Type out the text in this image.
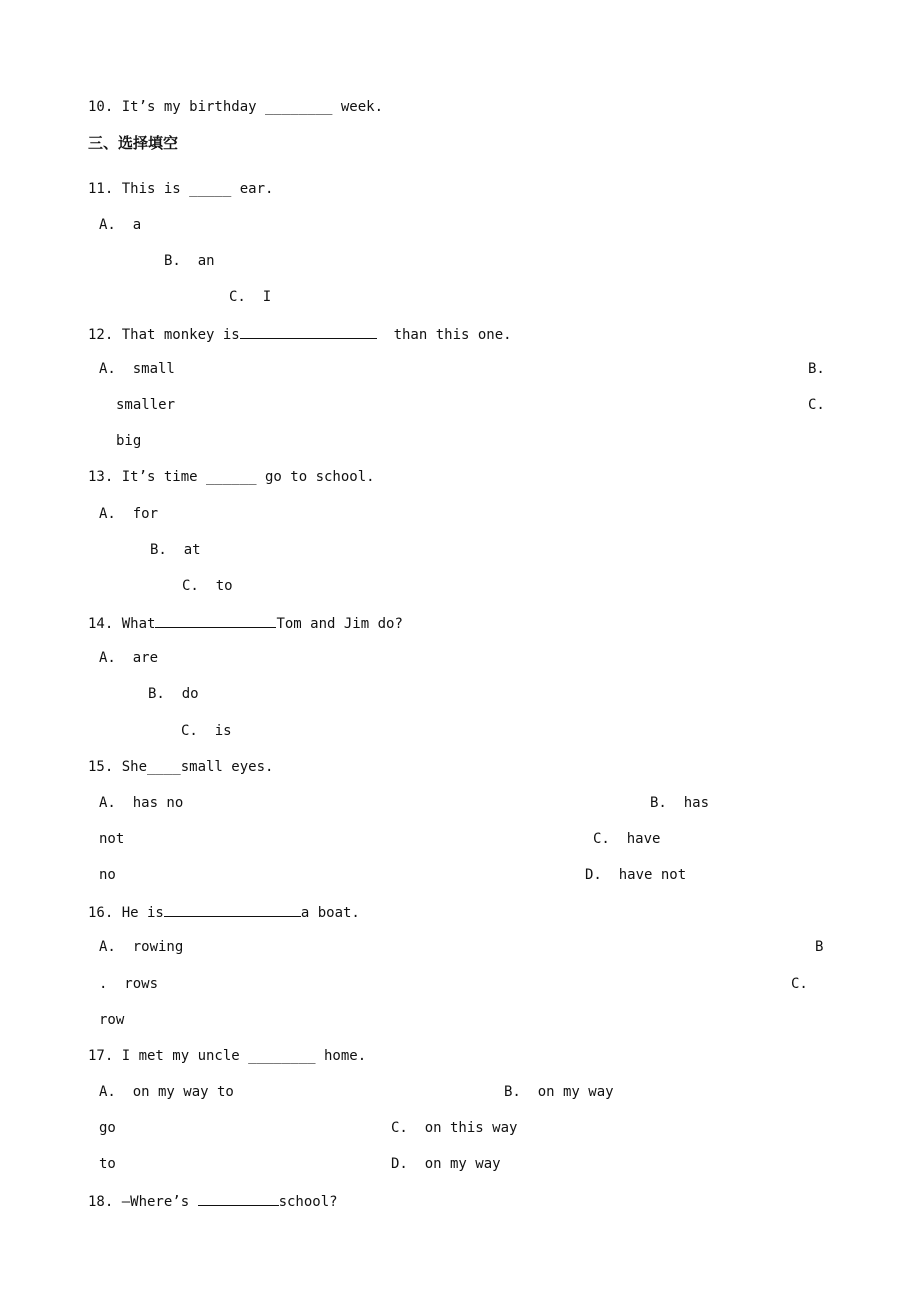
10. It’s my birthday ________ week.
三、选择填空
11. This is _____ ear.
A.  a
B.  an
C.  I
12. That monkey is	than this one.
A.  small	B.
smaller	C.
big
13. It’s time ______ go to school.
A.  for
B.  at
C.  to
14. What	Tom and Jim do?
A.  are
B.  do
C.  is
15. She____small eyes.
A.  has no	B.  has
not	C.  have
no	D.  have not
16. He is	a boat.
A.  rowing	B
.  rows	C.
row
17. I met my uncle ________ home.
A.  on my way to	B.  on my way
go	C.  on this way
to	D.  on my way
18. —Where’s	school?
